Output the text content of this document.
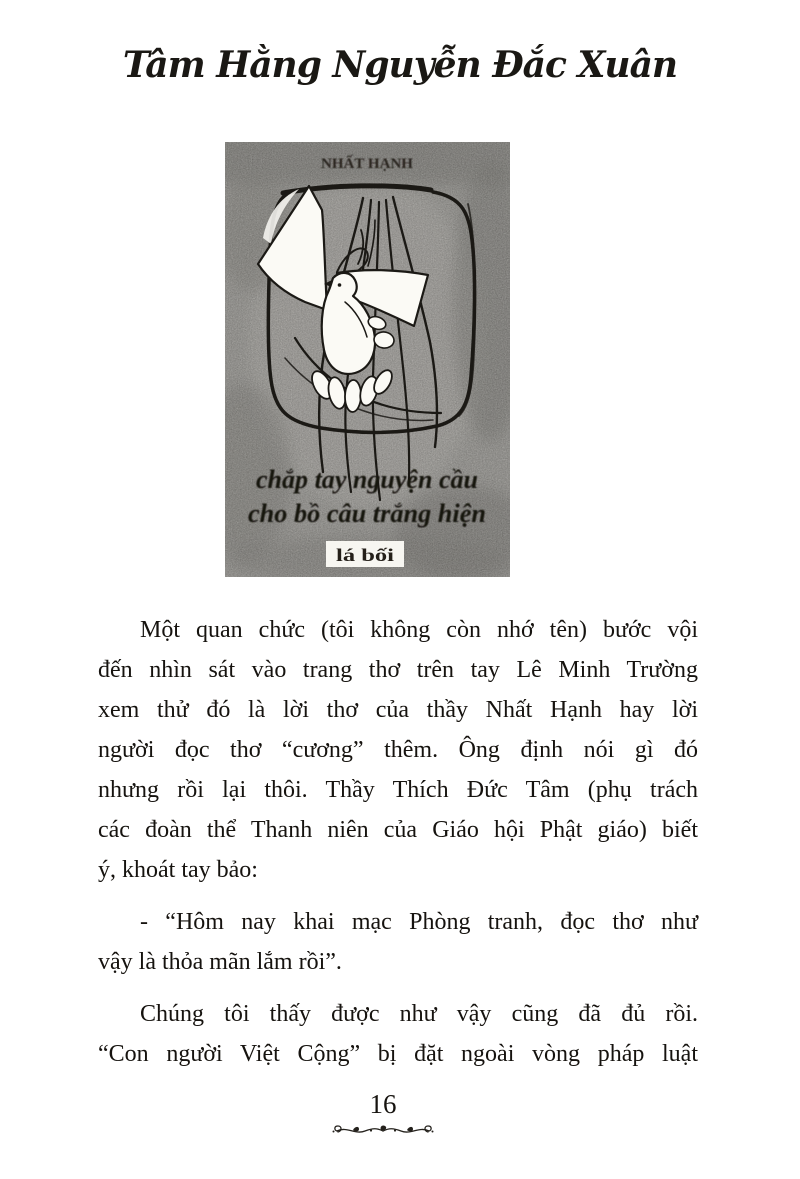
Tâm Hằng Nguyễn Đắc Xuân
NHẤT HẠNH
chắp tay nguyện cầu
cho bồ câu trắng hiện
lá bối
Một quan chức (tôi không còn nhớ tên) bước vội
đến nhìn sát vào trang thơ trên tay Lê Minh Trường
xem thử đó là lời thơ của thầy Nhất Hạnh hay lời
người đọc thơ “cương” thêm. Ông định nói gì đó
nhưng rồi lại thôi. Thầy Thích Đức Tâm (phụ trách
các đoàn thể Thanh niên của Giáo hội Phật giáo) biết
ý, khoát tay bảo:
- “Hôm nay khai mạc Phòng tranh, đọc thơ như
vậy là thỏa mãn lắm rồi”.
Chúng tôi thấy được như vậy cũng đã đủ rồi.
“Con người Việt Cộng” bị đặt ngoài vòng pháp luật
16
